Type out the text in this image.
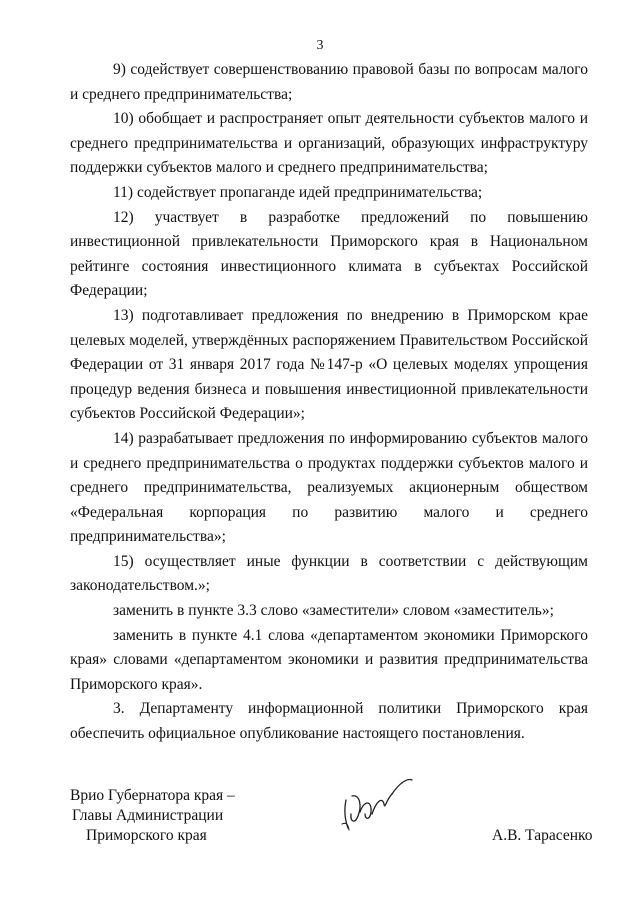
3

9) содействует совершенствованию правовой базы по вопросам малого и среднего предпринимательства;

10) обобщает и распространяет опыт деятельности субъектов малого и среднего предпринимательства и организаций, образующих инфраструктуру поддержки субъектов малого и среднего предпринимательства;

11) содействует пропаганде идей предпринимательства;

12) участвует в разработке предложений по повышению инвестиционной привлекательности Приморского края в Национальном рейтинге состояния инвестиционного климата в субъектах Российской Федерации;

13) подготавливает предложения по внедрению в Приморском крае целевых моделей, утверждённых распоряжением Правительством Российской Федерации от 31 января 2017 года №147-р «О целевых моделях упрощения процедур ведения бизнеса и повышения инвестиционной привлекательности субъектов Российской Федерации»;

14) разрабатывает предложения по информированию субъектов малого и среднего предпринимательства о продуктах поддержки субъектов малого и среднего предпринимательства, реализуемых акционерным обществом «Федеральная корпорация по развитию малого и среднего предпринимательства»;

15) осуществляет иные функции в соответствии с действующим законодательством.»;

заменить в пункте 3.3 слово «заместители» словом «заместитель»;

заменить в пункте 4.1 слова «департаментом экономики Приморского края» словами «департаментом экономики и развития предпринимательства Приморского края».

3. Департаменту информационной политики Приморского края обеспечить официальное опубликование настоящего постановления.

Врио Губернатора края –
Главы Администрации
Приморского края	А.В. Тарасенко
